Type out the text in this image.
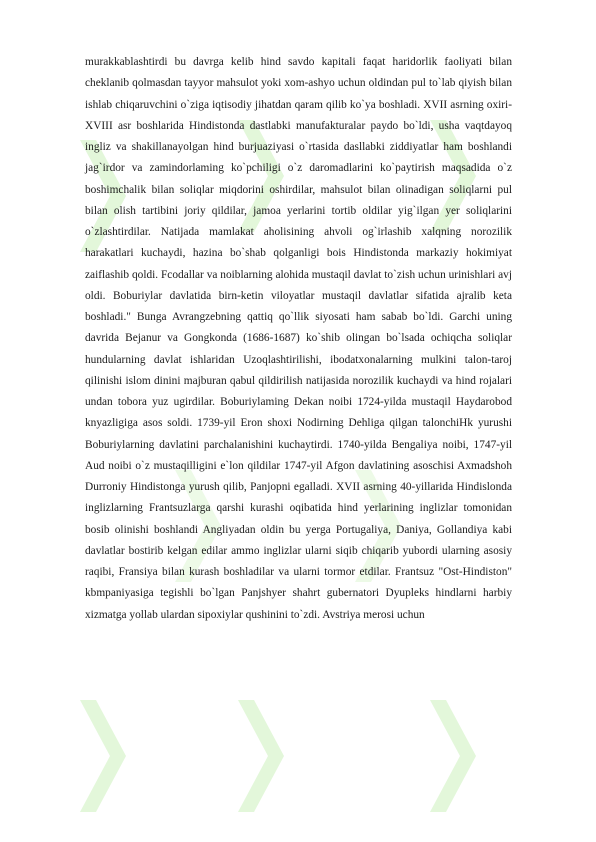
murakkablashtirdi bu davrga kelib hind savdo kapitali faqat haridorlik faoliyati bilan cheklanib qolmasdan tayyor mahsulot yoki xom-ashyo uchun oldindan pul to`lab qiyish bilan ishlab chiqaruvchini o`ziga iqtisodiy jihatdan qaram qilib ko`ya boshladi. XVII asrning oxiri-XVIII asr boshlarida Hindistonda dastlabki manufakturalar paydo bo`ldi, usha vaqtdayoq ingliz va shakillanayolgan hind burjuaziyasi o`rtasida dasllabki ziddiyatlar ham boshlandi jag`irdor va zamindorlaming ko`pchiligi o`z daromadlarini ko`paytirish maqsadida o`z boshimchalik bilan soliqlar miqdorini oshirdilar, mahsulot bilan olinadigan soliqlarni pul bilan olish tartibini joriy qildilar, jamoa yerlarini tortib oldilar yig`ilgan yer soliqlarini o`zlashtirdilar. Natijada mamlakat aholisining ahvoli og`irlashib xalqning norozilik harakatlari kuchaydi, hazina bo`shab qolganligi bois Hindistonda markaziy hokimiyat zaiflashib qoldi. Fcodallar va noiblarning alohida mustaqil davlat to`zish uchun urinishlari avj oldi. Boburiylar davlatida birn-ketin viloyatlar mustaqil davlatlar sifatida ajralib keta boshladi." Bunga Avrangzebning qattiq qo`llik siyosati ham sabab bo`ldi. Garchi uning davrida Bejanur va Gongkonda (1686-1687) ko`shib olingan bo`lsada ochiqcha soliqlar hundularning davlat ishlaridan Uzoqlashtirilishi, ibodatxonalarning mulkini talon-taroj qilinishi islom dinini majburan qabul qildirilish natijasida norozilik kuchaydi va hind rojalari undan tobora yuz ugirdilar. Boburiylaming Dekan noibi 1724-yilda mustaqil Haydarobod knyazligiga asos soldi. 1739-yil Eron shoxi Nodirning Dehliga qilgan talonchiHk yurushi Boburiylarning davlatini parchalanishini kuchaytirdi. 1740-yilda Bengaliya noibi, 1747-yil Aud noibi o`z mustaqilligini e`lon qildilar 1747-yil Afgon davlatining asoschisi Axmadshoh Durroniy Hindistonga yurush qilib, Panjopni egalladi. XVII asrning 40-yillarida Hindislonda inglizlarning Frantsuzlarga qarshi kurashi oqibatida hind yerlarining inglizlar tomonidan bosib olinishi boshlandi Angliyadan oldin bu yerga Portugaliya, Daniya, Gollandiya kabi davlatlar bostirib kelgan edilar ammo inglizlar ularni siqib chiqarib yubordi ularning asosiy raqibi, Fransiya bilan kurash boshladilar va ularni tormor etdilar. Frantsuz "Ost-Hindiston" kbmpaniyasiga tegishli bo`lgan Panjshyer shahrt gubernatori Dyupleks hindlarni harbiy xizmatga yollab ulardan sipoxiylar qushinini to`zdi. Avstriya merosi uchun
